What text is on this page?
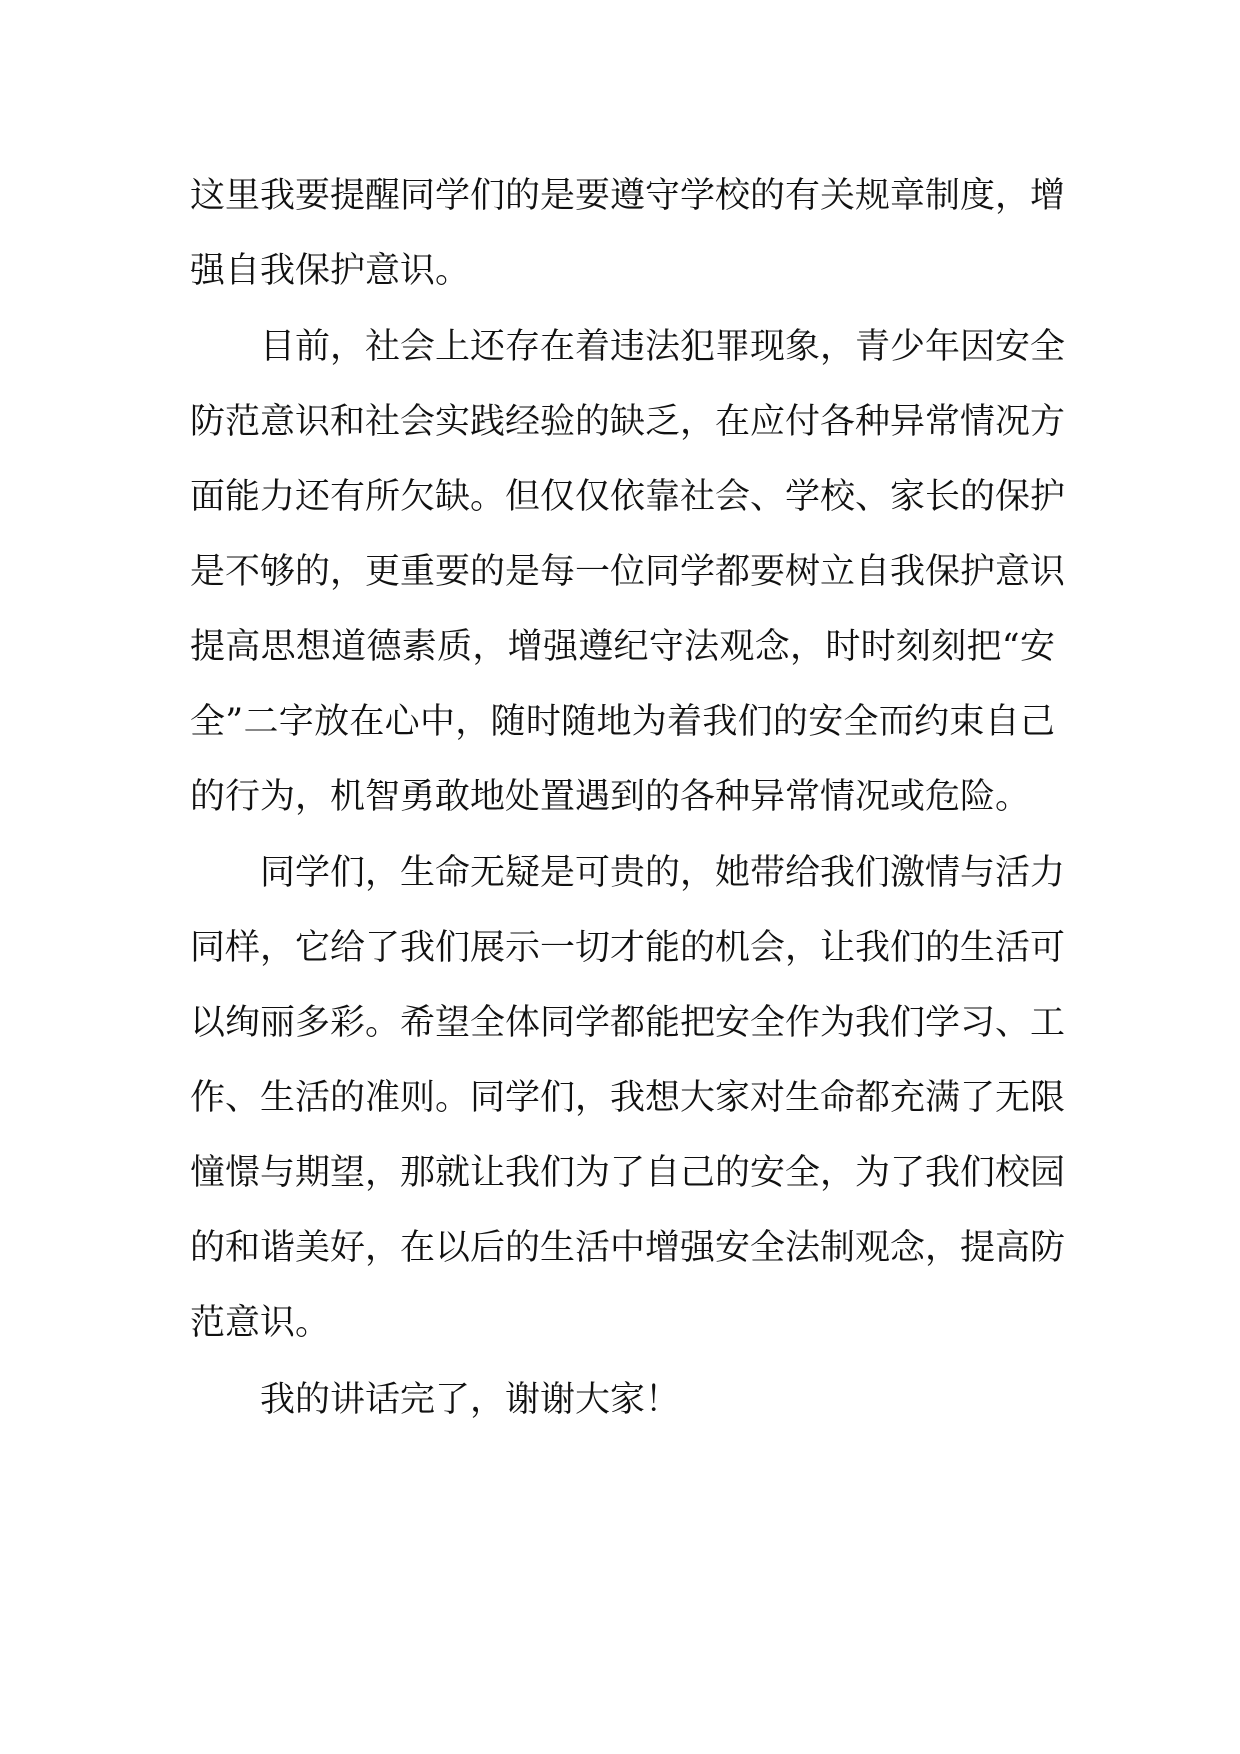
这里我要提醒同学们的是要遵守学校的有关规章制度，增
强自我保护意识。
目前，社会上还存在着违法犯罪现象，青少年因安全
防范意识和社会实践经验的缺乏，在应付各种异常情况方
面能力还有所欠缺。但仅仅依靠社会、学校、家长的保护
是不够的，更重要的是每一位同学都要树立自我保护意识
提高思想道德素质，增强遵纪守法观念，时时刻刻把“安
全”二字放在心中，随时随地为着我们的安全而约束自己
的行为，机智勇敢地处置遇到的各种异常情况或危险。
同学们，生命无疑是可贵的，她带给我们激情与活力
同样，它给了我们展示一切才能的机会，让我们的生活可
以绚丽多彩。希望全体同学都能把安全作为我们学习、工
作、生活的准则。同学们，我想大家对生命都充满了无限
憧憬与期望，那就让我们为了自己的安全，为了我们校园
的和谐美好，在以后的生活中增强安全法制观念，提高防
范意识。
我的讲话完了，谢谢大家！
